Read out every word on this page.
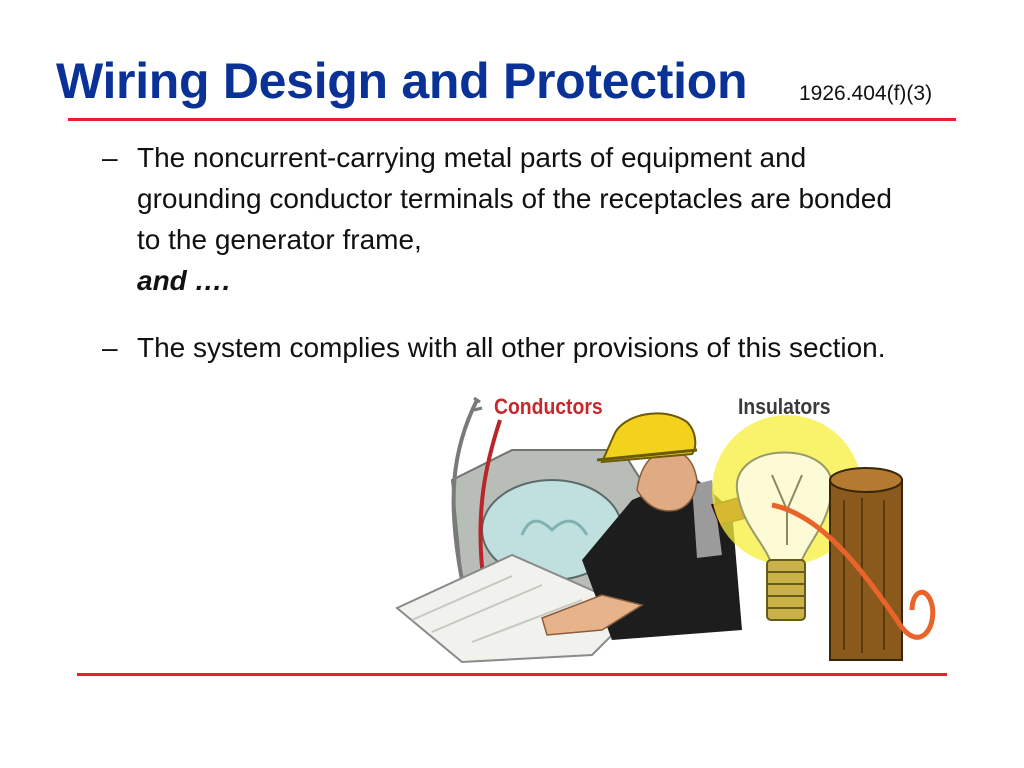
Wiring Design and Protection 1926.404(f)(3)
– The noncurrent-carrying metal parts of equipment and grounding conductor terminals of the receptacles are bonded to the generator frame,
and ….
– The system complies with all other provisions of this section.
Conductors	Insulators
